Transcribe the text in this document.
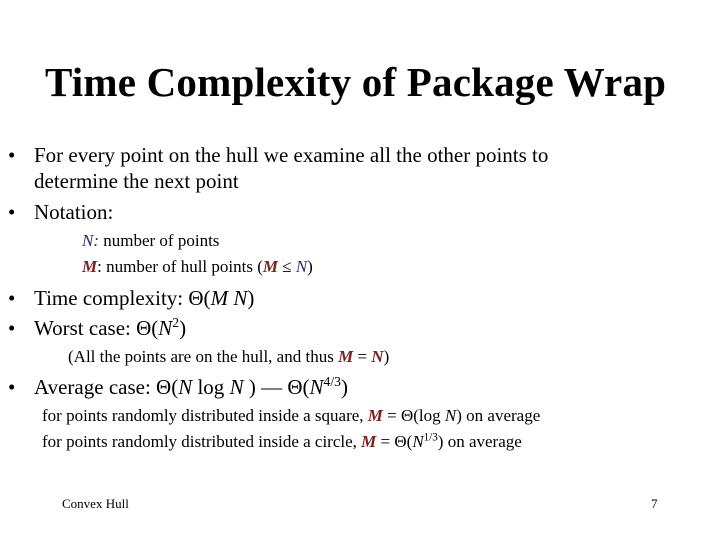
Time Complexity of Package Wrap
• For every point on the hull we examine all the other points to
determine the next point
• Notation:
N: number of points
M: number of hull points (M ≤ N)
• Time complexity: Θ(M N)
• Worst case: $\Theta(N^2)$
(All the points are on the hull, and thus M = N)
• Average case: Θ(N log N ) — $\Theta(N^{4/3})$
for points randomly distributed inside a square, M = Θ(log N) on average
for points randomly distributed inside a circle, $M = \Theta(N^{1/3})$ on average
Convex Hull	7
